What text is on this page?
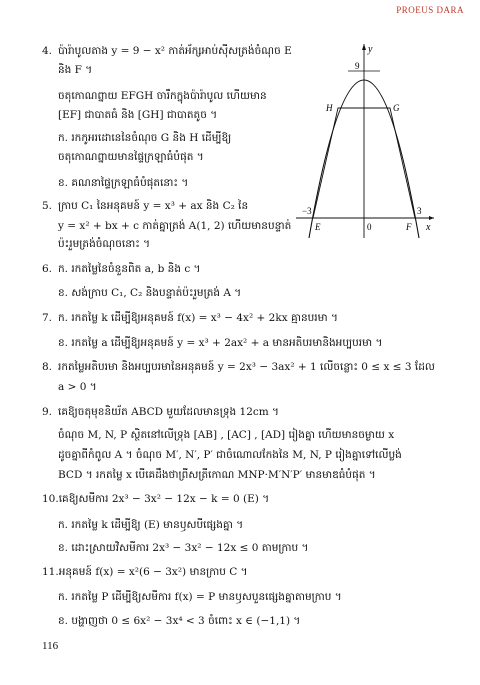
PROEUS DARA
4. ប៉ារ៉ាបូលតាង y = 9 − x² កាត់អ័ក្សអាប់ស៊ីសត្រង់ចំណុច E
និង F ។
ចតុកោណព្នាយ EFGH ចារឹកក្នុងប៉ារ៉ាបូល ហើយមាន
[EF] ជាបាតធំ និង [GH] ជាបាតតូច ។
ក. រកកូអរដោនេនៃចំណុច G និង H ដើម្បីឱ្យ
ចតុកោណព្នាយមានផ្ទៃក្រឡាធំបំផុត ។
ខ. គណនាផ្ទៃក្រឡាធំបំផុតនោះ ។
5. ក្រាប C₁ នៃអនុគមន៍ y = x³ + ax និង C₂ នៃ
y = x² + bx + c កាត់គ្នាត្រង់ A(1, 2) ហើយមានបន្ទាត់
ប៉ះរួមត្រង់ចំណុចនោះ ។
6. ក. រកតម្លៃនៃចំនួនពិត a, b និង c ។
ខ. សង់ក្រាប C₁, C₂ និងបន្ទាត់ប៉ះរួមត្រង់ A ។
7. ក. រកតម្លៃ k ដើម្បីឱ្យអនុគមន៍ f(x) = x³ − 4x² + 2kx គ្មានបរមា ។
ខ. រកតម្លៃ a ដើម្បីឱ្យអនុគមន៍ y = x³ + 2ax² + a មានអតិបរមានិងអប្បបរមា ។
8. រកតម្លៃអតិបរមា និងអប្បបរមានៃអនុគមន៍ y = 2x³ − 3ax² + 1 លើចន្លោះ 0 ≤ x ≤ 3 ដែល
a > 0 ។
9. គេឱ្យចតុមុខនិយ័ត ABCD មួយដែលមានទ្រុង 12cm ។
ចំណុច M, N, P ស្ថិតនៅលើទ្រុង [AB] , [AC] , [AD] រៀងគ្នា ហើយមានចម្ងាយ x
ដូចគ្នាពីកំពូល A ។ ចំណុច M′, N′, P′ ជាចំណោលកែងនៃ M, N, P រៀងគ្នាទៅលើប្លង់
BCD ។ រកតម្លៃ x បើគេដឹងថាព្រីសត្រីកោណ MNP·M′N′P′ មានមាឌធំបំផុត ។
10.គេឱ្យសមីការ 2x³ − 3x² − 12x − k = 0 (E) ។
ក. រកតម្លៃ k ដើម្បីឱ្យ (E) មានឫសបីផ្សេងគ្នា ។
ខ. ដោះស្រាយវិសមីការ 2x³ − 3x² − 12x ≤ 0 តាមក្រាប ។
11.អនុគមន៍ f(x) = x²(6 − 3x²) មានក្រាប C ។
ក. រកតម្លៃ P ដើម្បីឱ្យសមីការ f(x) = P មានឫសបួនផ្សេងគ្នាតាមក្រាប ។
ខ. បង្ហាញថា 0 ≤ 6x² − 3x⁴ < 3 ចំពោះ x ∈ (−1,1) ។
y
x
9
H	G
−3
E	0	F
3
116
